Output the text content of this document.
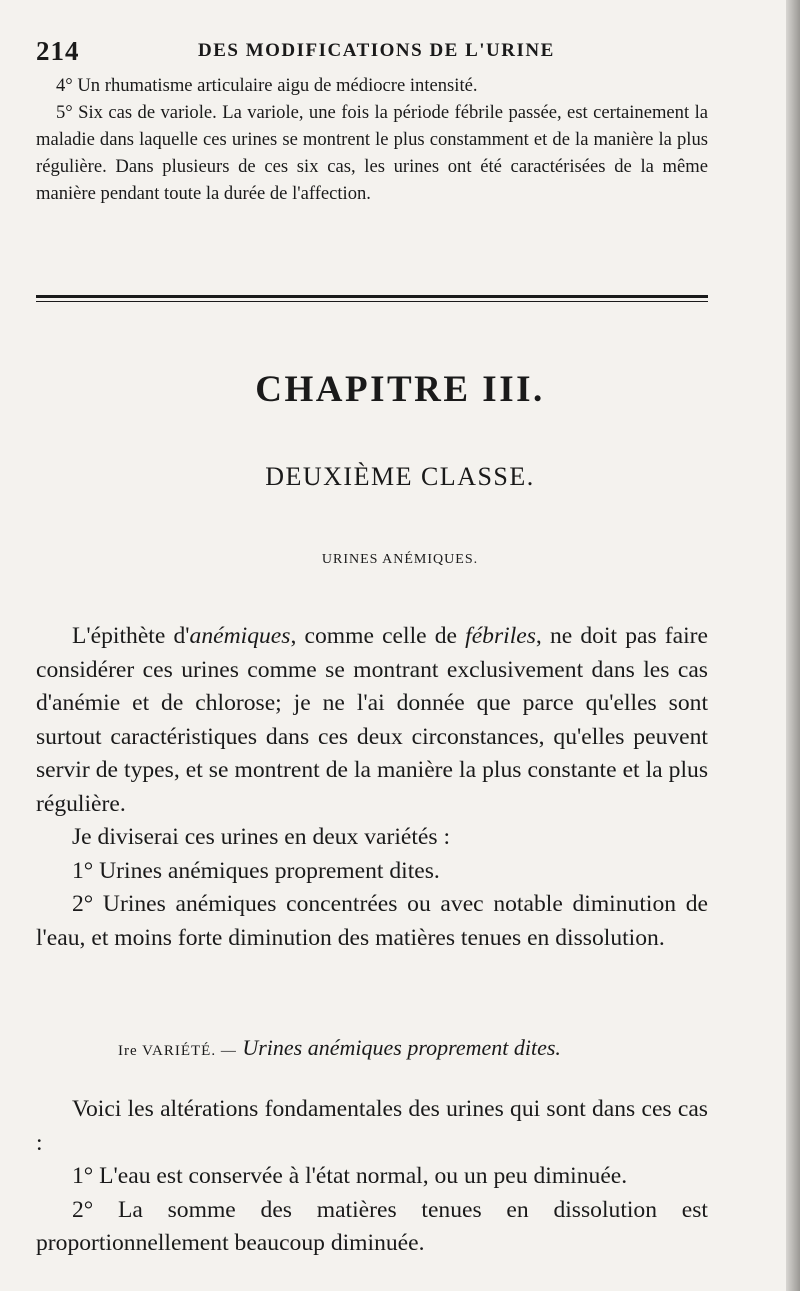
214	DES MODIFICATIONS DE L'URINE

4° Un rhumatisme articulaire aigu de médiocre intensité.

5° Six cas de variole. La variole, une fois la période fébrile passée, est certainement la maladie dans laquelle ces urines se montrent le plus constamment et de la manière la plus régulière. Dans plusieurs de ces six cas, les urines ont été caractérisées de la même manière pendant toute la durée de l'affection.

CHAPITRE III.
DEUXIÈME CLASSE.
URINES ANÉMIQUES.

L'épithète d'anémiques, comme celle de fébriles, ne doit pas faire considérer ces urines comme se montrant exclusivement dans les cas d'anémie et de chlorose; je ne l'ai donnée que parce qu'elles sont surtout caractéristiques dans ces deux circonstances, qu'elles peuvent servir de types, et se montrent de la manière la plus constante et la plus régulière.

Je diviserai ces urines en deux variétés :

1° Urines anémiques proprement dites.

2° Urines anémiques concentrées ou avec notable diminution de l'eau, et moins forte diminution des matières tenues en dissolution.

Ire VARIÉTÉ. — Urines anémiques proprement dites.

Voici les altérations fondamentales des urines qui sont dans ces cas :

1° L'eau est conservée à l'état normal, ou un peu diminuée.

2° La somme des matières tenues en dissolution est proportionnellement beaucoup diminuée.
